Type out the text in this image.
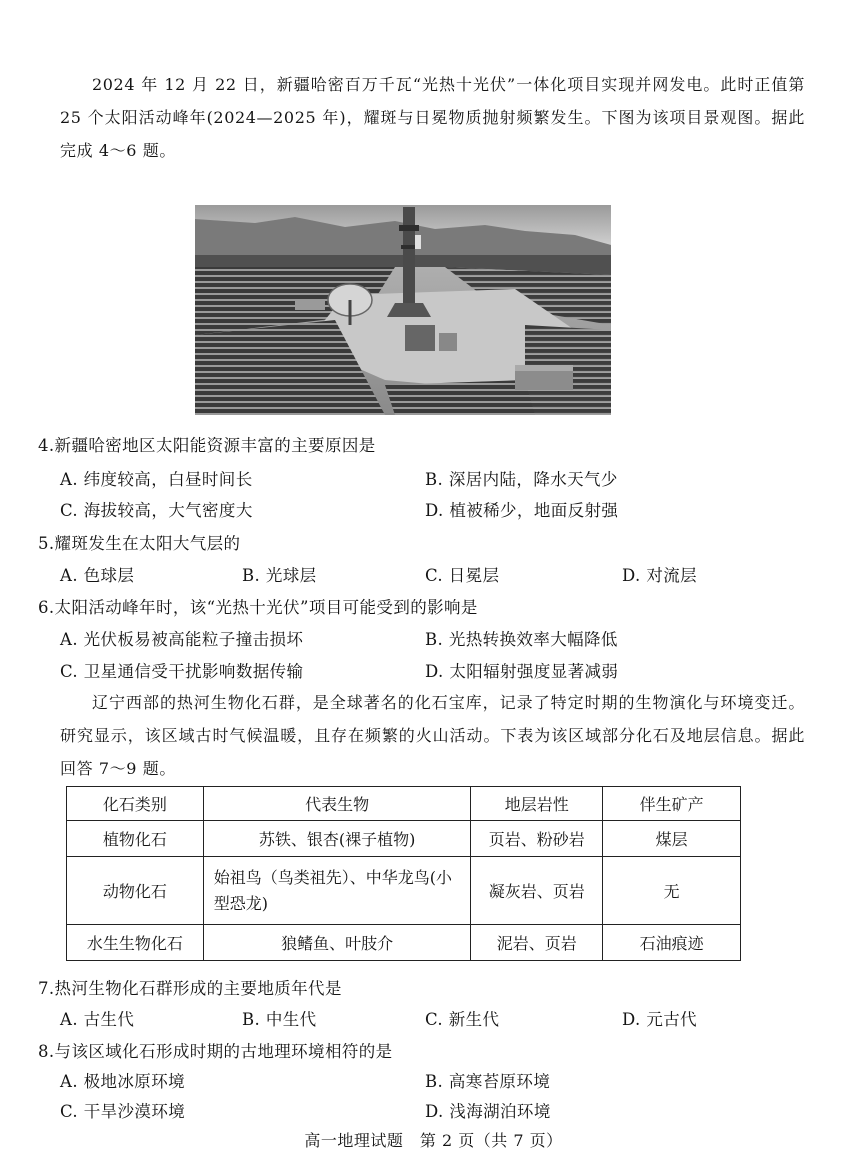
2024 年 12 月 22 日，新疆哈密百万千瓦“光热十光伏”一体化项目实现并网发电。此时正值第 25 个太阳活动峰年(2024—2025 年)，耀斑与日冕物质抛射频繁发生。下图为该项目景观图。据此完成 4～6 题。
4.新疆哈密地区太阳能资源丰富的主要原因是
A. 纬度较高，白昼时间长	B. 深居内陆，降水天气少
C. 海拔较高，大气密度大	D. 植被稀少，地面反射强
5.耀斑发生在太阳大气层的
A. 色球层	B. 光球层	C. 日冕层	D. 对流层
6.太阳活动峰年时，该“光热十光伏”项目可能受到的影响是
A. 光伏板易被高能粒子撞击损坏	B. 光热转换效率大幅降低
C. 卫星通信受干扰影响数据传输	D. 太阳辐射强度显著减弱
辽宁西部的热河生物化石群，是全球著名的化石宝库，记录了特定时期的生物演化与环境变迁。研究显示，该区域古时气候温暖，且存在频繁的火山活动。下表为该区域部分化石及地层信息。据此回答 7～9 题。
化石类别	代表生物	地层岩性	伴生矿产
植物化石	苏铁、银杏(裸子植物)	页岩、粉砂岩	煤层
动物化石	始祖鸟（鸟类祖先）、中华龙鸟(小型恐龙)	凝灰岩、页岩	无
水生生物化石	狼鳍鱼、叶肢介	泥岩、页岩	石油痕迹
7.热河生物化石群形成的主要地质年代是
A. 古生代	B. 中生代	C. 新生代	D. 元古代
8.与该区域化石形成时期的古地理环境相符的是
A. 极地冰原环境	B. 高寒苔原环境
C. 干旱沙漠环境	D. 浅海湖泊环境
高一地理试题　第 2 页（共 7 页）
